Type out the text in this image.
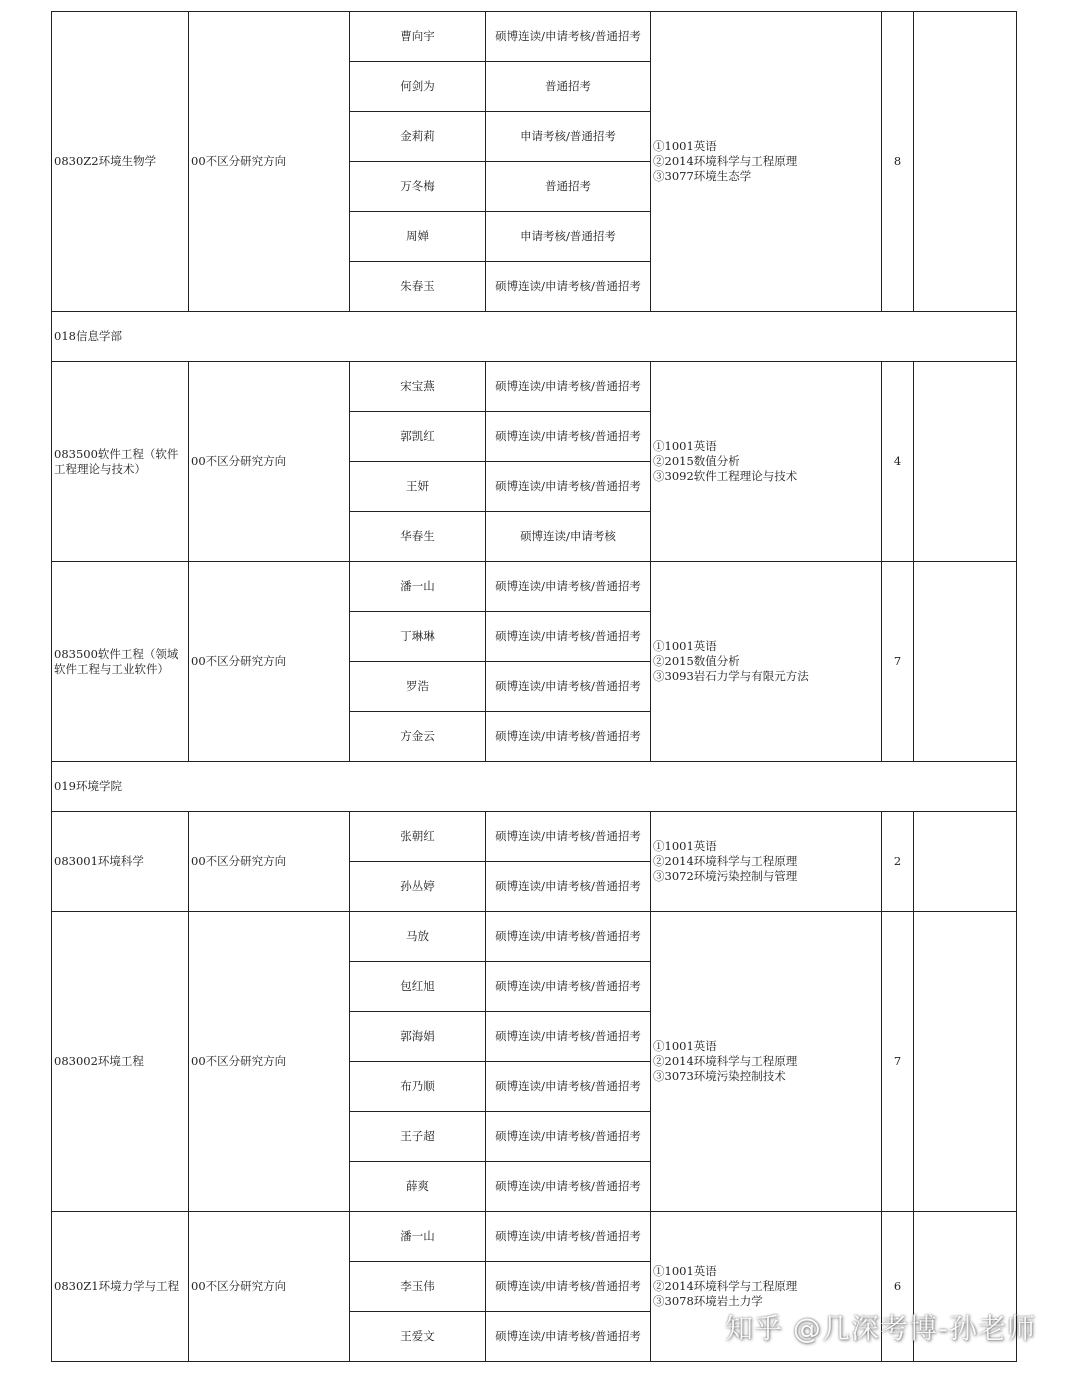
0830Z2环境生物学	00不区分研究方向	曹向宇	硕博连读/申请考核/普通招考	①1001英语
②2014环境科学与工程原理
③3077环境生态学	8	
		何剑为	普通招考			
		金莉莉	申请考核/普通招考			
		万冬梅	普通招考			
		周婵	申请考核/普通招考			
		朱春玉	硕博连读/申请考核/普通招考			
018信息学部						
083500软件工程（软件工程理论与技术）	00不区分研究方向	宋宝燕	硕博连读/申请考核/普通招考	①1001英语
②2015数值分析
③3092软件工程理论与技术	4	
		郭凯红	硕博连读/申请考核/普通招考			
		王妍	硕博连读/申请考核/普通招考			
		华春生	硕博连读/申请考核			
083500软件工程（领域软件工程与工业软件）	00不区分研究方向	潘一山	硕博连读/申请考核/普通招考	①1001英语
②2015数值分析
③3093岩石力学与有限元方法	7	
		丁琳琳	硕博连读/申请考核/普通招考			
		罗浩	硕博连读/申请考核/普通招考			
		方金云	硕博连读/申请考核/普通招考			
019环境学院						
083001环境科学	00不区分研究方向	张朝红	硕博连读/申请考核/普通招考	①1001英语
②2014环境科学与工程原理
③3072环境污染控制与管理	2	
		孙丛婷	硕博连读/申请考核/普通招考			
083002环境工程	00不区分研究方向	马放	硕博连读/申请考核/普通招考	①1001英语
②2014环境科学与工程原理
③3073环境污染控制技术	7	
		包红旭	硕博连读/申请考核/普通招考			
		郭海娟	硕博连读/申请考核/普通招考			
		布乃顺	硕博连读/申请考核/普通招考			
		王子超	硕博连读/申请考核/普通招考			
		薛爽	硕博连读/申请考核/普通招考			
0830Z1环境力学与工程	00不区分研究方向	潘一山	硕博连读/申请考核/普通招考	①1001英语
②2014环境科学与工程原理
③3078环境岩土力学	6	
		李玉伟	硕博连读/申请考核/普通招考			
		王爱文	硕博连读/申请考核/普通招考				知乎 @几深考博-孙老师
